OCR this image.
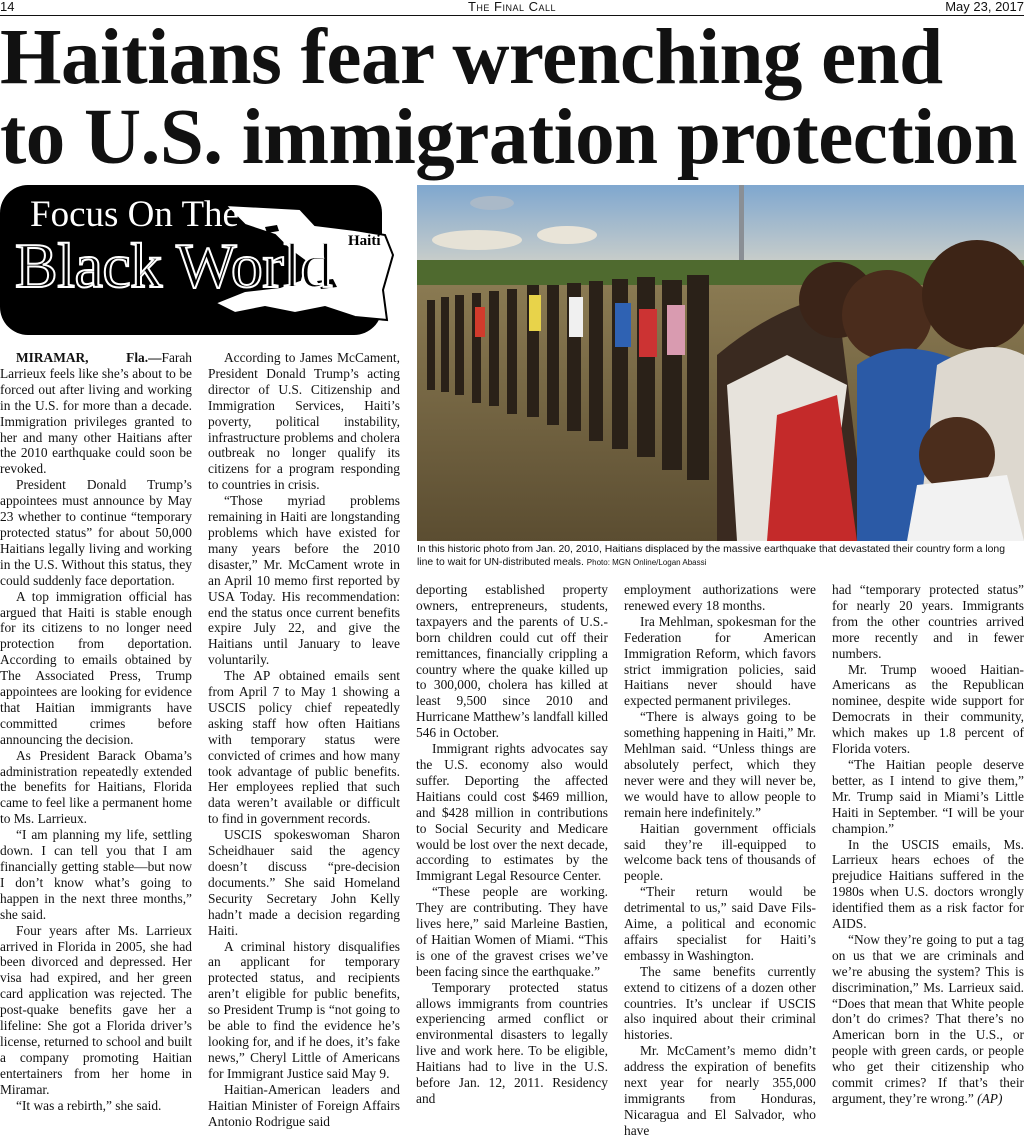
14	The Final Call	May 23, 2017
Haitians fear wrenching end
to U.S. immigration protection
Focus On The
Black World Haiti
In this historic photo from Jan. 20, 2010, Haitians displaced by the massive earthquake that devastated their country form a long line to wait for UN-distributed meals. Photo: MGN Online/Logan Abassi

MIRAMAR, Fla.—Farah Larrieux feels like she’s about to be forced out after living and working in the U.S. for more than a decade. Immigration privileges granted to her and many other Haitians after the 2010 earthquake could soon be revoked.

President Donald Trump’s appointees must announce by May 23 whether to continue “temporary protected status” for about 50,000 Haitians legally living and working in the U.S. Without this status, they could suddenly face deportation.

A top immigration official has argued that Haiti is stable enough for its citizens to no longer need protection from deportation. According to emails obtained by The Associated Press, Trump appointees are looking for evidence that Haitian immigrants have committed crimes before announcing the decision.

As President Barack Obama’s administration repeatedly extended the benefits for Haitians, Florida came to feel like a permanent home to Ms. Larrieux.

“I am planning my life, settling down. I can tell you that I am financially getting stable—but now I don’t know what’s going to happen in the next three months,” she said.

Four years after Ms. Larrieux arrived in Florida in 2005, she had been divorced and depressed. Her visa had expired, and her green card application was rejected. The post-quake benefits gave her a lifeline: She got a Florida driver’s license, returned to school and built a company promoting Haitian entertainers from her home in Miramar.

“It was a rebirth,” she said.

According to James McCament, President Donald Trump’s acting director of U.S. Citizenship and Immigration Services, Haiti’s poverty, political instability, infrastructure problems and cholera outbreak no longer qualify its citizens for a program responding to countries in crisis.

“Those myriad problems remaining in Haiti are longstanding problems which have existed for many years before the 2010 disaster,” Mr. McCament wrote in an April 10 memo first reported by USA Today. His recommendation: end the status once current benefits expire July 22, and give the Haitians until January to leave voluntarily.

The AP obtained emails sent from April 7 to May 1 showing a USCIS policy chief repeatedly asking staff how often Haitians with temporary status were convicted of crimes and how many took advantage of public benefits. Her employees replied that such data weren’t available or difficult to find in government records.

USCIS spokeswoman Sharon Scheidhauer said the agency doesn’t discuss “pre-decision documents.” She said Homeland Security Secretary John Kelly hadn’t made a decision regarding Haiti.

A criminal history disqualifies an applicant for temporary protected status, and recipients aren’t eligible for public benefits, so President Trump is “not going to be able to find the evidence he’s looking for, and if he does, it’s fake news,” Cheryl Little of Americans for Immigrant Justice said May 9.

Haitian-American leaders and Haitian Minister of Foreign Affairs Antonio Rodrigue said

deporting established property owners, entrepreneurs, students, taxpayers and the parents of U.S.-born children could cut off their remittances, financially crippling a country where the quake killed up to 300,000, cholera has killed at least 9,500 since 2010 and Hurricane Matthew’s landfall killed 546 in October.

Immigrant rights advocates say the U.S. economy also would suffer. Deporting the affected Haitians could cost $469 million, and $428 million in contributions to Social Security and Medicare would be lost over the next decade, according to estimates by the Immigrant Legal Resource Center.

“These people are working. They are contributing. They have lives here,” said Marleine Bastien, of Haitian Women of Miami. “This is one of the gravest crises we’ve been facing since the earthquake.”

Temporary protected status allows immigrants from countries experiencing armed conflict or environmental disasters to legally live and work here. To be eligible, Haitians had to live in the U.S. before Jan. 12, 2011. Residency and

employment authorizations were renewed every 18 months.

Ira Mehlman, spokesman for the Federation for American Immigration Reform, which favors strict immigration policies, said Haitians never should have expected permanent privileges.

“There is always going to be something happening in Haiti,” Mr. Mehlman said. “Unless things are absolutely perfect, which they never were and they will never be, we would have to allow people to remain here indefinitely.”

Haitian government officials said they’re ill-equipped to welcome back tens of thousands of people.

“Their return would be detrimental to us,” said Dave Fils-Aime, a political and economic affairs specialist for Haiti’s embassy in Washington.

The same benefits currently extend to citizens of a dozen other countries. It’s unclear if USCIS also inquired about their criminal histories.

Mr. McCament’s memo didn’t address the expiration of benefits next year for nearly 355,000 immigrants from Honduras, Nicaragua and El Salvador, who have

had “temporary protected status” for nearly 20 years. Immigrants from the other countries arrived more recently and in fewer numbers.

Mr. Trump wooed Haitian-Americans as the Republican nominee, despite wide support for Democrats in their community, which makes up 1.8 percent of Florida voters.

“The Haitian people deserve better, as I intend to give them,” Mr. Trump said in Miami’s Little Haiti in September. “I will be your champion.”

In the USCIS emails, Ms. Larrieux hears echoes of the prejudice Haitians suffered in the 1980s when U.S. doctors wrongly identified them as a risk factor for AIDS.

“Now they’re going to put a tag on us that we are criminals and we’re abusing the system? This is discrimination,” Ms. Larrieux said. “Does that mean that White people don’t do crimes? That there’s no American born in the U.S., or people with green cards, or people who get their citizenship who commit crimes? If that’s their argument, they’re wrong.” (AP)
